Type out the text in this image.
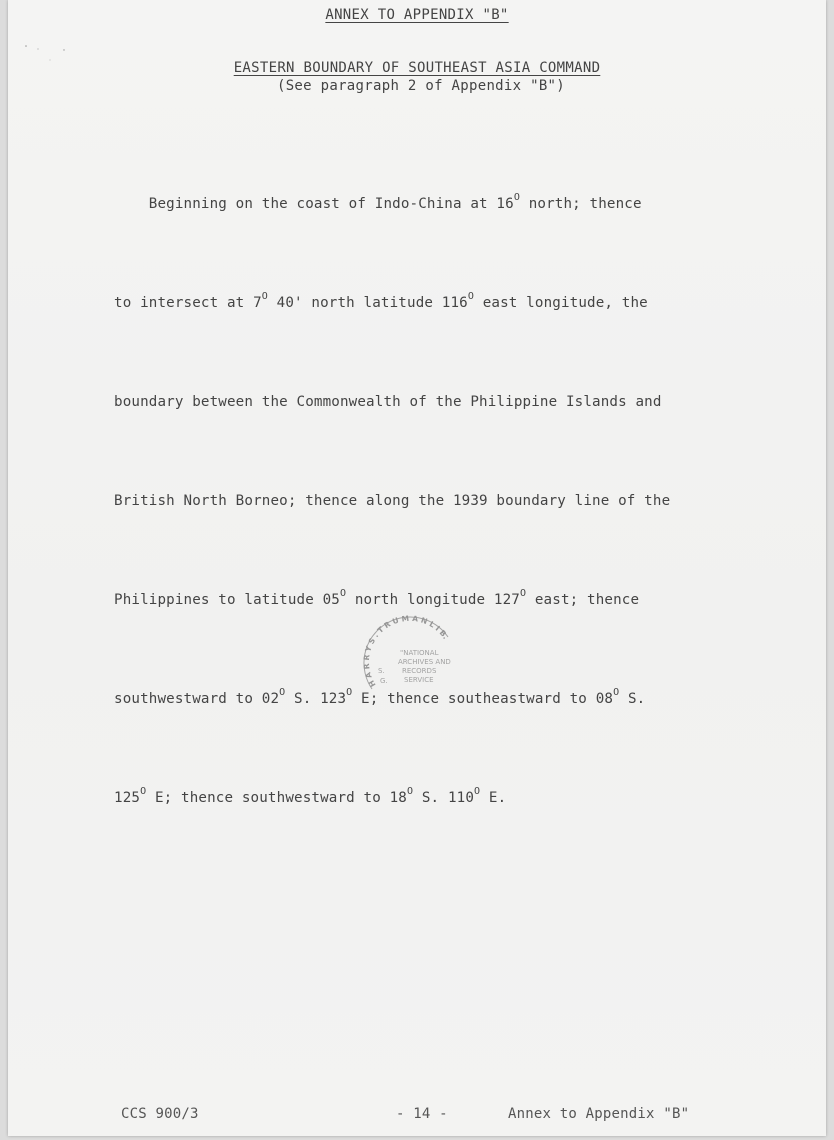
ANNEX TO APPENDIX "B"
EASTERN BOUNDARY OF SOUTHEAST ASIA COMMAND
(See paragraph 2 of Appendix "B")

Beginning on the coast of Indo-China at $16^O$ north; thence

to intersect at $7^O$ 40' north latitude $116^O$ east longitude, the

boundary between the Commonwealth of the Philippine Islands and

British North Borneo; thence along the 1939 boundary line of the

Philippines to latitude $05^O$ north longitude $127^O$ east; thence

southwestward to $02^O$ S. $123^O$ E; thence southeastward to $08^O$ S.

$125^O$ E; thence southwestward to $18^O$ S. $110^O$ E.

H A R R Y S . T R U M A N L I B.
"NATIONAL
ARCHIVES AND
RECORDS
SERVICE
S.
G.
CCS 900/3	- 14 -	Annex to Appendix "B"
